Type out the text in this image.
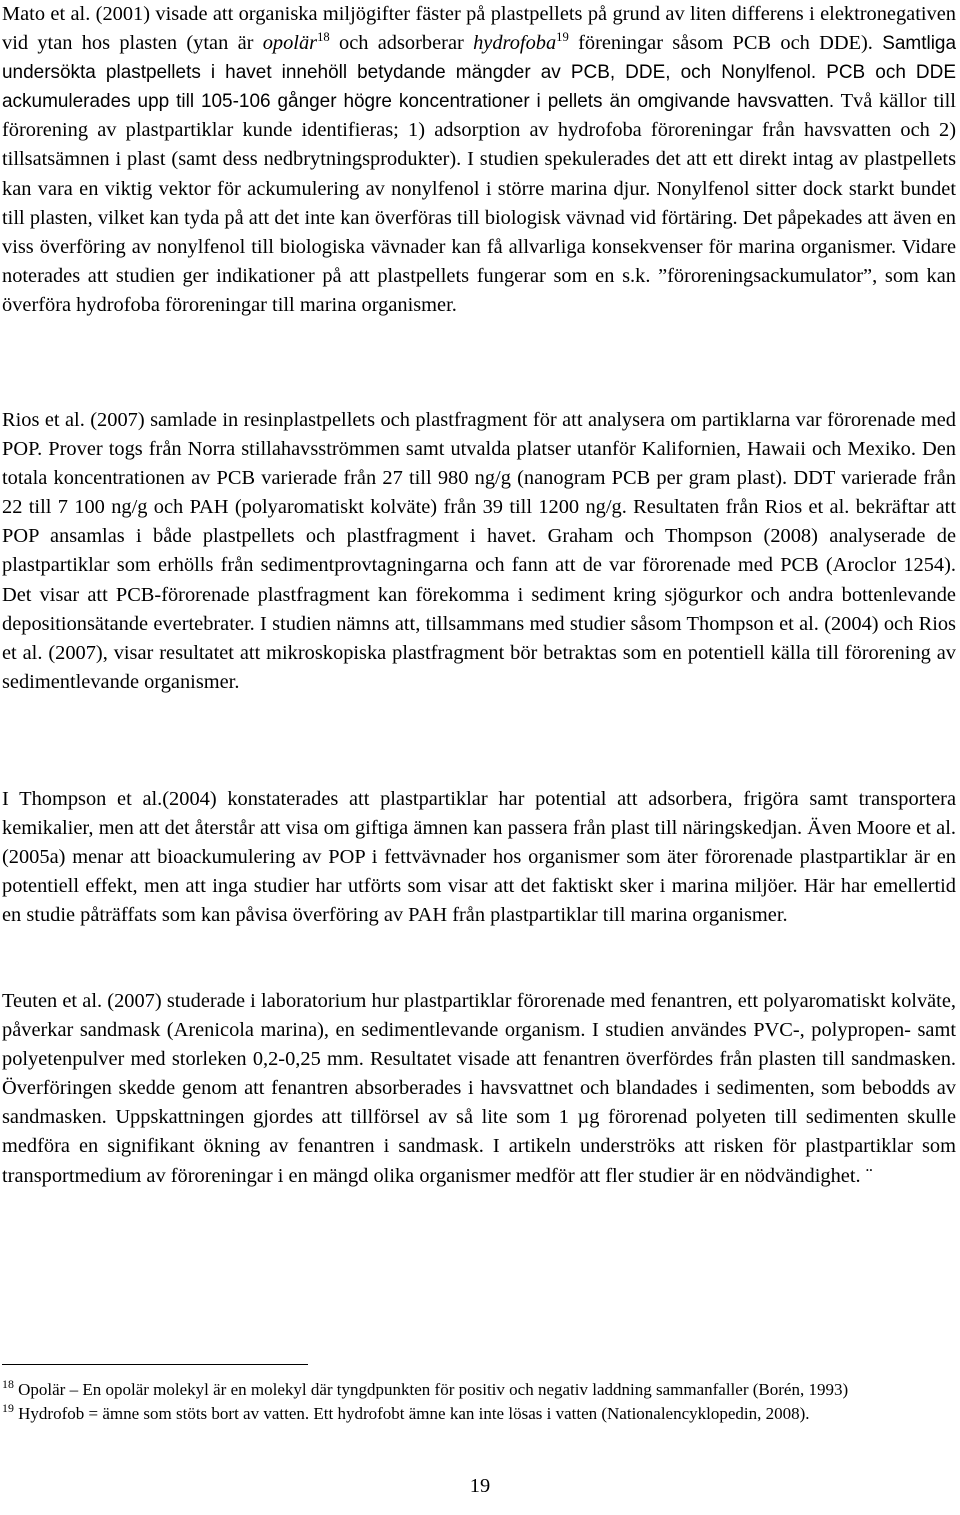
Mato et al. (2001) visade att organiska miljögifter fäster på plastpellets på grund av liten differens i elektronegativen vid ytan hos plasten (ytan är opolär$^{18}$ och adsorberar hydrofoba$^{19}$ föreningar såsom PCB och DDE). Samtliga undersökta plastpellets i havet innehöll betydande mängder av PCB, DDE, och Nonylfenol. PCB och DDE ackumulerades upp till 105-106 gånger högre koncentrationer i pellets än omgivande havsvatten. Två källor till förorening av plastpartiklar kunde identifieras; 1) adsorption av hydrofoba föroreningar från havsvatten och 2) tillsatsämnen i plast (samt dess nedbrytningsprodukter). I studien spekulerades det att ett direkt intag av plastpellets kan vara en viktig vektor för ackumulering av nonylfenol i större marina djur. Nonylfenol sitter dock starkt bundet till plasten, vilket kan tyda på att det inte kan överföras till biologisk vävnad vid förtäring. Det påpekades att även en viss överföring av nonylfenol till biologiska vävnader kan få allvarliga konsekvenser för marina organismer. Vidare noterades att studien ger indikationer på att plastpellets fungerar som en s.k. ”föroreningsackumulator”, som kan överföra hydrofoba föroreningar till marina organismer.

Rios et al. (2007) samlade in resinplastpellets och plastfragment för att analysera om partiklarna var förorenade med POP. Prover togs från Norra stillahavsströmmen samt utvalda platser utanför Kalifornien, Hawaii och Mexiko. Den totala koncentrationen av PCB varierade från 27 till 980 ng/g (nanogram PCB per gram plast). DDT varierade från 22 till 7 100 ng/g och PAH (polyaromatiskt kolväte) från 39 till 1200 ng/g. Resultaten från Rios et al. bekräftar att POP ansamlas i både plastpellets och plastfragment i havet. Graham och Thompson (2008) analyserade de plastpartiklar som erhölls från sedimentprovtagningarna och fann att de var förorenade med PCB (Aroclor 1254). Det visar att PCB-förorenade plastfragment kan förekomma i sediment kring sjögurkor och andra bottenlevande depositionsätande evertebrater. I studien nämns att, tillsammans med studier såsom Thompson et al. (2004) och Rios et al. (2007), visar resultatet att mikroskopiska plastfragment bör betraktas som en potentiell källa till förorening av sedimentlevande organismer.

I Thompson et al.(2004) konstaterades att plastpartiklar har potential att adsorbera, frigöra samt transportera kemikalier, men att det återstår att visa om giftiga ämnen kan passera från plast till näringskedjan. Även Moore et al. (2005a) menar att bioackumulering av POP i fettvävnader hos organismer som äter förorenade plastpartiklar är en potentiell effekt, men att inga studier har utförts som visar att det faktiskt sker i marina miljöer. Här har emellertid en studie påträffats som kan påvisa överföring av PAH från plastpartiklar till marina organismer.

Teuten et al. (2007) studerade i laboratorium hur plastpartiklar förorenade med fenantren, ett polyaromatiskt kolväte, påverkar sandmask (Arenicola marina), en sedimentlevande organism. I studien användes PVC-, polypropen- samt polyetenpulver med storleken 0,2-0,25 mm. Resultatet visade att fenantren överfördes från plasten till sandmasken. Överföringen skedde genom att fenantren absorberades i havsvattnet och blandades i sedimenten, som bebodds av sandmasken. Uppskattningen gjordes att tillförsel av så lite som 1 µg förorenad polyeten till sedimenten skulle medföra en signifikant ökning av fenantren i sandmask. I artikeln underströks att risken för plastpartiklar som transportmedium av föroreningar i en mängd olika organismer medför att fler studier är en nödvändighet. ¨

$^{18}$ Opolär – En opolär molekyl är en molekyl där tyngdpunkten för positiv och negativ laddning sammanfaller (Borén, 1993)

$^{19}$ Hydrofob = ämne som stöts bort av vatten. Ett hydrofobt ämne kan inte lösas i vatten (Nationalencyklopedin, 2008).

19
